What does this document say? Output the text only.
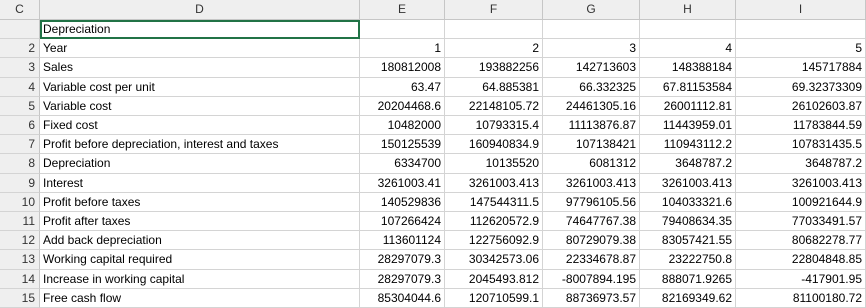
C	D	E	F	G	H	I
Depreciation
2 Year	1	2	3	4	5
3 Sales	180812008	193882256	142713603	148388184	145717884
4 Variable cost per unit	63.47	64.885381	66.332325	67.81153584	69.32373309
5 Variable cost	20204468.6	22148105.72	24461305.16	26001112.81	26102603.87
6 Fixed cost	10482000	10793315.4	11113876.87	11443959.01	11783844.59
7 Profit before depreciation, interest and taxes	150125539	160940834.9	107138421	110943112.2	107831435.5
8 Depreciation	6334700	10135520	6081312	3648787.2	3648787.2
9 Interest	3261003.41	3261003.413	3261003.413	3261003.413	3261003.413
10 Profit before taxes	140529836	147544311.5	97796105.56	104033321.6	100921644.9
11 Profit after taxes	107266424	112620572.9	74647767.38	79408634.35	77033491.57
12 Add back depreciation	113601124	122756092.9	80729079.38	83057421.55	80682278.77
13 Working capital required	28297079.3	30342573.06	22334678.87	23222750.8	22804848.85
14 Increase in working capital	28297079.3	2045493.812	-8007894.195	888071.9265	-417901.95
15 Free cash flow	85304044.6	120710599.1	88736973.57	82169349.62	81100180.72
